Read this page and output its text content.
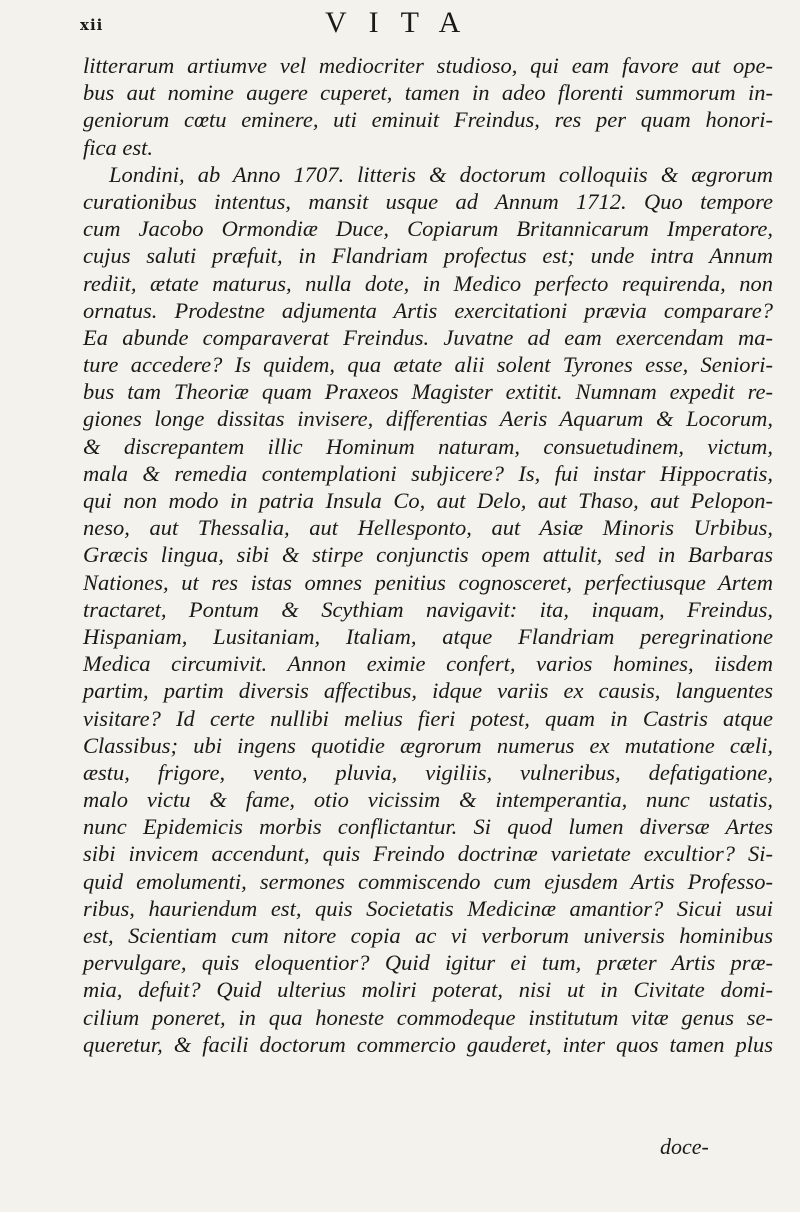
xii	VITA
litterarum artiumve vel mediocriter studioso, qui eam favore aut ope-
bus aut nomine augere cuperet, tamen in adeo florenti summorum in-
geniorum cœtu eminere, uti eminuit Freindus, res per quam honori-
fica est.
Londini, ab Anno 1707. litteris & doctorum colloquiis & ægrorum
curationibus intentus, mansit usque ad Annum 1712. Quo tempore
cum Jacobo Ormondiæ Duce, Copiarum Britannicarum Imperatore,
cujus saluti præfuit, in Flandriam profectus est; unde intra Annum
rediit, ætate maturus, nulla dote, in Medico perfecto requirenda, non
ornatus. Prodestne adjumenta Artis exercitationi prævia comparare?
Ea abunde comparaverat Freindus. Juvatne ad eam exercendam ma-
ture accedere? Is quidem, qua ætate alii solent Tyrones esse, Seniori-
bus tam Theoriæ quam Praxeos Magister extitit. Numnam expedit re-
giones longe dissitas invisere, differentias Aeris Aquarum & Locorum,
& discrepantem illic Hominum naturam, consuetudinem, victum,
mala & remedia contemplationi subjicere? Is, fui instar Hippocratis,
qui non modo in patria Insula Co, aut Delo, aut Thaso, aut Pelopon-
neso, aut Thessalia, aut Hellesponto, aut Asiæ Minoris Urbibus,
Græcis lingua, sibi & stirpe conjunctis opem attulit, sed in Barbaras
Nationes, ut res istas omnes penitius cognosceret, perfectiusque Artem
tractaret, Pontum & Scythiam navigavit: ita, inquam, Freindus,
Hispaniam, Lusitaniam, Italiam, atque Flandriam peregrinatione
Medica circumivit. Annon eximie confert, varios homines, iisdem
partim, partim diversis affectibus, idque variis ex causis, languentes
visitare? Id certe nullibi melius fieri potest, quam in Castris atque
Classibus; ubi ingens quotidie ægrorum numerus ex mutatione cæli,
æstu, frigore, vento, pluvia, vigiliis, vulneribus, defatigatione,
malo victu & fame, otio vicissim & intemperantia, nunc ustatis,
nunc Epidemicis morbis conflictantur. Si quod lumen diversæ Artes
sibi invicem accendunt, quis Freindo doctrinæ varietate excultior? Si-
quid emolumenti, sermones commiscendo cum ejusdem Artis Professo-
ribus, hauriendum est, quis Societatis Medicinæ amantior? Sicui usui
est, Scientiam cum nitore copia ac vi verborum universis hominibus
pervulgare, quis eloquentior? Quid igitur ei tum, præter Artis præ-
mia, defuit? Quid ulterius moliri poterat, nisi ut in Civitate domi-
cilium poneret, in qua honeste commodeque institutum vitæ genus se-
queretur, & facili doctorum commercio gauderet, inter quos tamen plus
doce-
